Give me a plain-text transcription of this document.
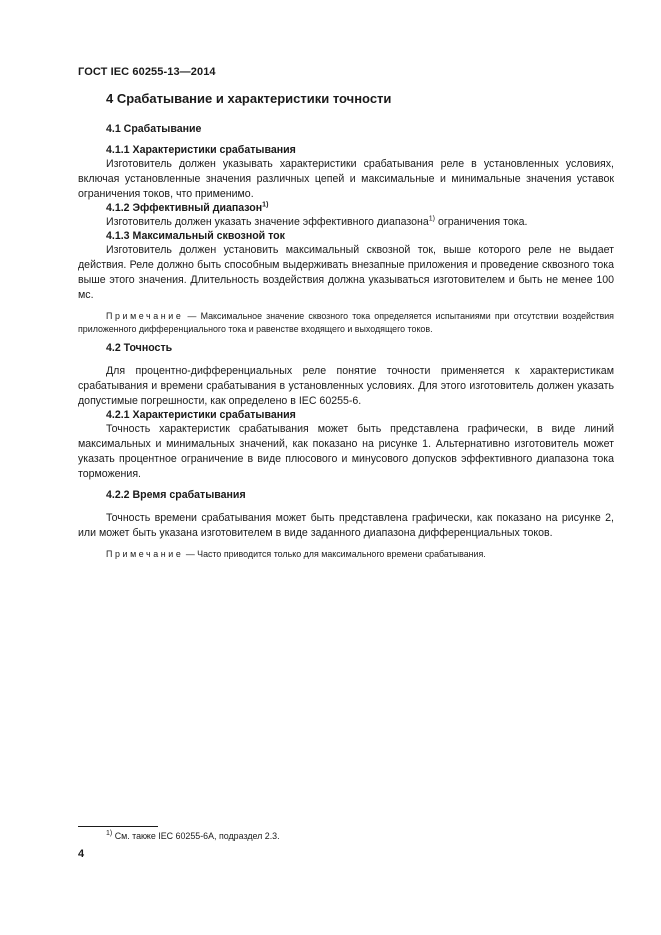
ГОСТ IEC 60255-13—2014
4 Срабатывание и характеристики точности
4.1 Срабатывание
4.1.1 Характеристики срабатывания

Изготовитель должен указывать характеристики срабатывания реле в установленных условиях, включая установленные значения различных цепей и максимальные и минимальные значения уставок ограничения токов, что применимо.

4.1.2 Эффективный диапазон$^{1)}$

Изготовитель должен указать значение эффективного диапазона$^{1)}$ ограничения тока.

4.1.3 Максимальный сквозной ток

Изготовитель должен установить максимальный сквозной ток, выше которого реле не выдает действия. Реле должно быть способным выдерживать внезапные приложения и проведение сквозного тока выше этого значения. Длительность воздействия должна указываться изготовителем и быть не менее 100 мс.

Примечание — Максимальное значение сквозного тока определяется испытаниями при отсутствии воздействия приложенного дифференциального тока и равенстве входящего и выходящего токов.

4.2 Точность

Для процентно-дифференциальных реле понятие точности применяется к характеристикам срабатывания и времени срабатывания в установленных условиях. Для этого изготовитель должен указать допустимые погрешности, как определено в IEC 60255-6.

4.2.1 Характеристики срабатывания

Точность характеристик срабатывания может быть представлена графически, в виде линий максимальных и минимальных значений, как показано на рисунке 1. Альтернативно изготовитель может указать процентное ограничение в виде плюсового и минусового допусков эффективного диапазона тока торможения.

4.2.2 Время срабатывания

Точность времени срабатывания может быть представлена графически, как показано на рисунке 2, или может быть указана изготовителем в виде заданного диапазона дифференциальных токов.

Примечание — Часто приводится только для максимального времени срабатывания.

$^{1)}$ См. также IEC 60255-6А, подраздел 2.3.
4
